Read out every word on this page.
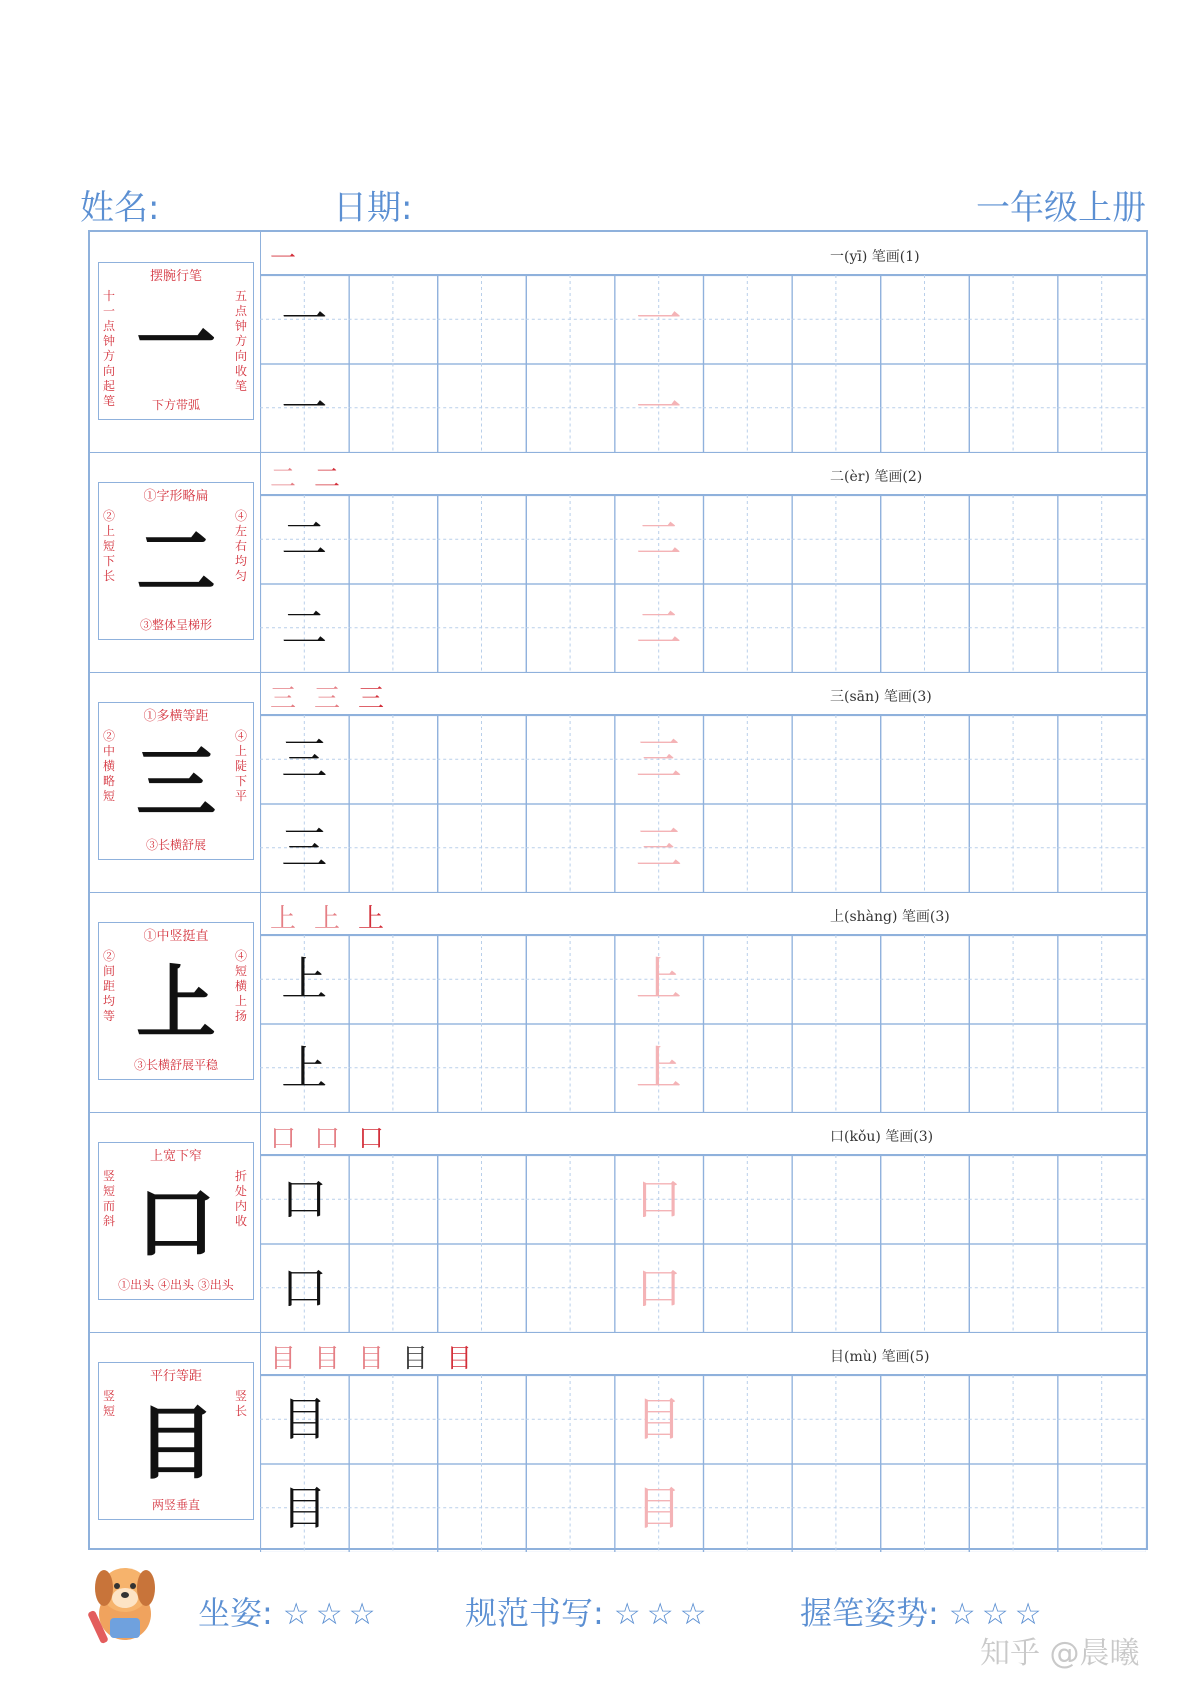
姓名:	日期:	一年级上册
一
摆腕行笔
十一点钟方向起笔
五点钟方向收笔
下方带弧
一	一(yī) 笔画(1)
一	一
一	一
二
①字形略扁
②上短下长
④左右均匀
③整体呈梯形
二 二	二(èr) 笔画(2)
二	二
二	二
三
①多横等距
②中横略短
④上陡下平
③长横舒展
三 三 三	三(sān) 笔画(3)
三	三
三	三
上
①中竖挺直
②间距均等
④短横上扬
③长横舒展平稳
上 上 上	上(shàng) 笔画(3)
上	上
上	上
口
上宽下窄
竖短而斜
折处内收
①出头 ④出头 ③出头
口 口 口	口(kǒu) 笔画(3)
口	口
口	口
目
平行等距
竖短
竖长
两竖垂直
目 目 目 目 目	目(mù) 笔画(5)
目	目
目	目
坐姿: ☆☆☆	规范书写: ☆☆☆	握笔姿势: ☆☆☆
知乎 @晨曦
